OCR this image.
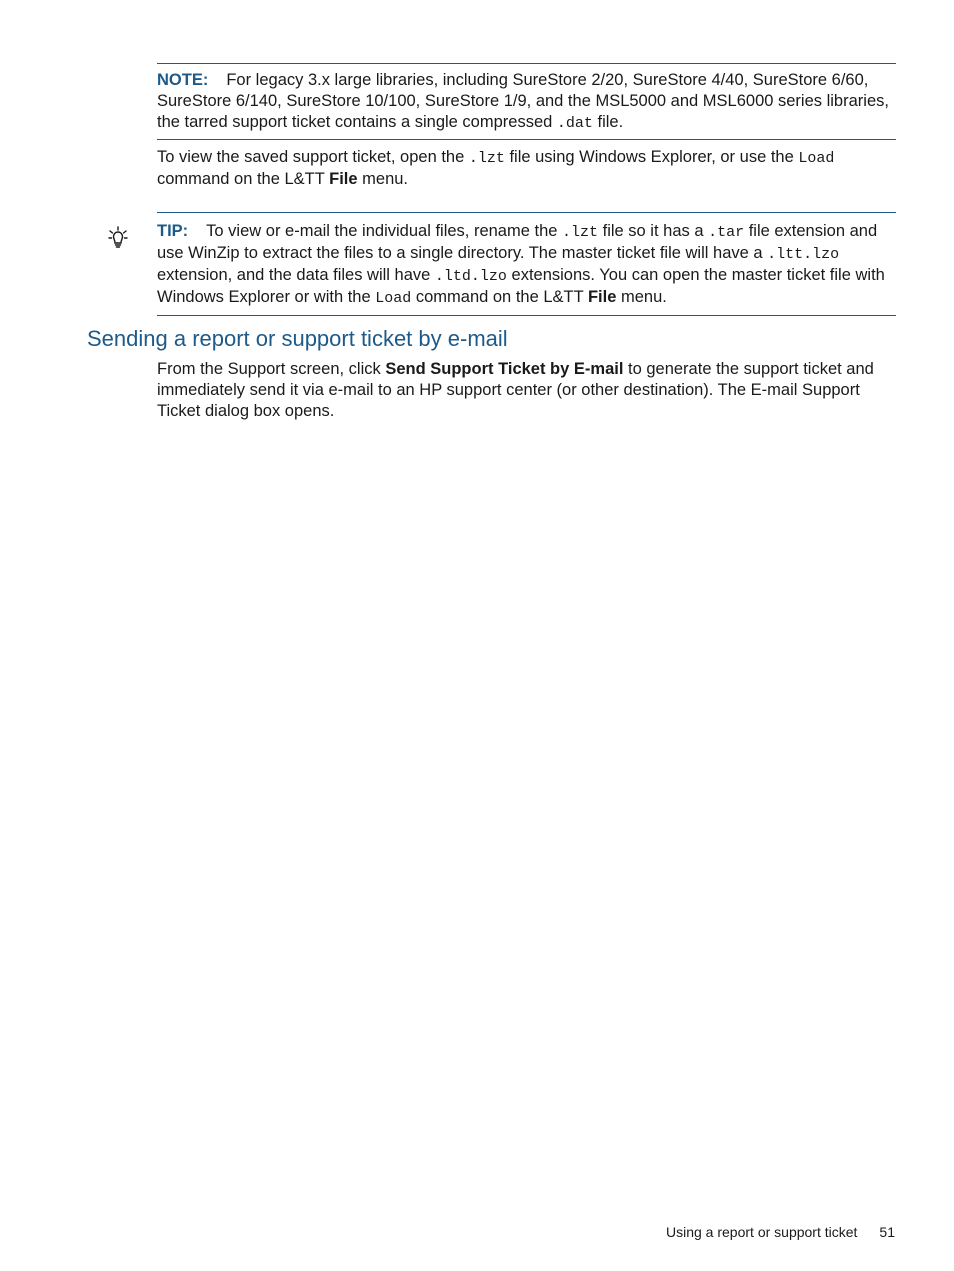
NOTE: For legacy 3.x large libraries, including SureStore 2/20, SureStore 4/40, SureStore 6/60, SureStore 6/140, SureStore 10/100, SureStore 1/9, and the MSL5000 and MSL6000 series libraries, the tarred support ticket contains a single compressed .dat file.
To view the saved support ticket, open the .lzt file using Windows Explorer, or use the Load command on the L&TT File menu.
TIP: To view or e-mail the individual files, rename the .lzt file so it has a .tar file extension and use WinZip to extract the files to a single directory. The master ticket file will have a .ltt.lzo extension, and the data files will have .ltd.lzo extensions. You can open the master ticket file with Windows Explorer or with the Load command on the L&TT File menu.
Sending a report or support ticket by e-mail
From the Support screen, click Send Support Ticket by E-mail to generate the support ticket and immediately send it via e-mail to an HP support center (or other destination). The E-mail Support Ticket dialog box opens.
Using a report or support ticket 51
